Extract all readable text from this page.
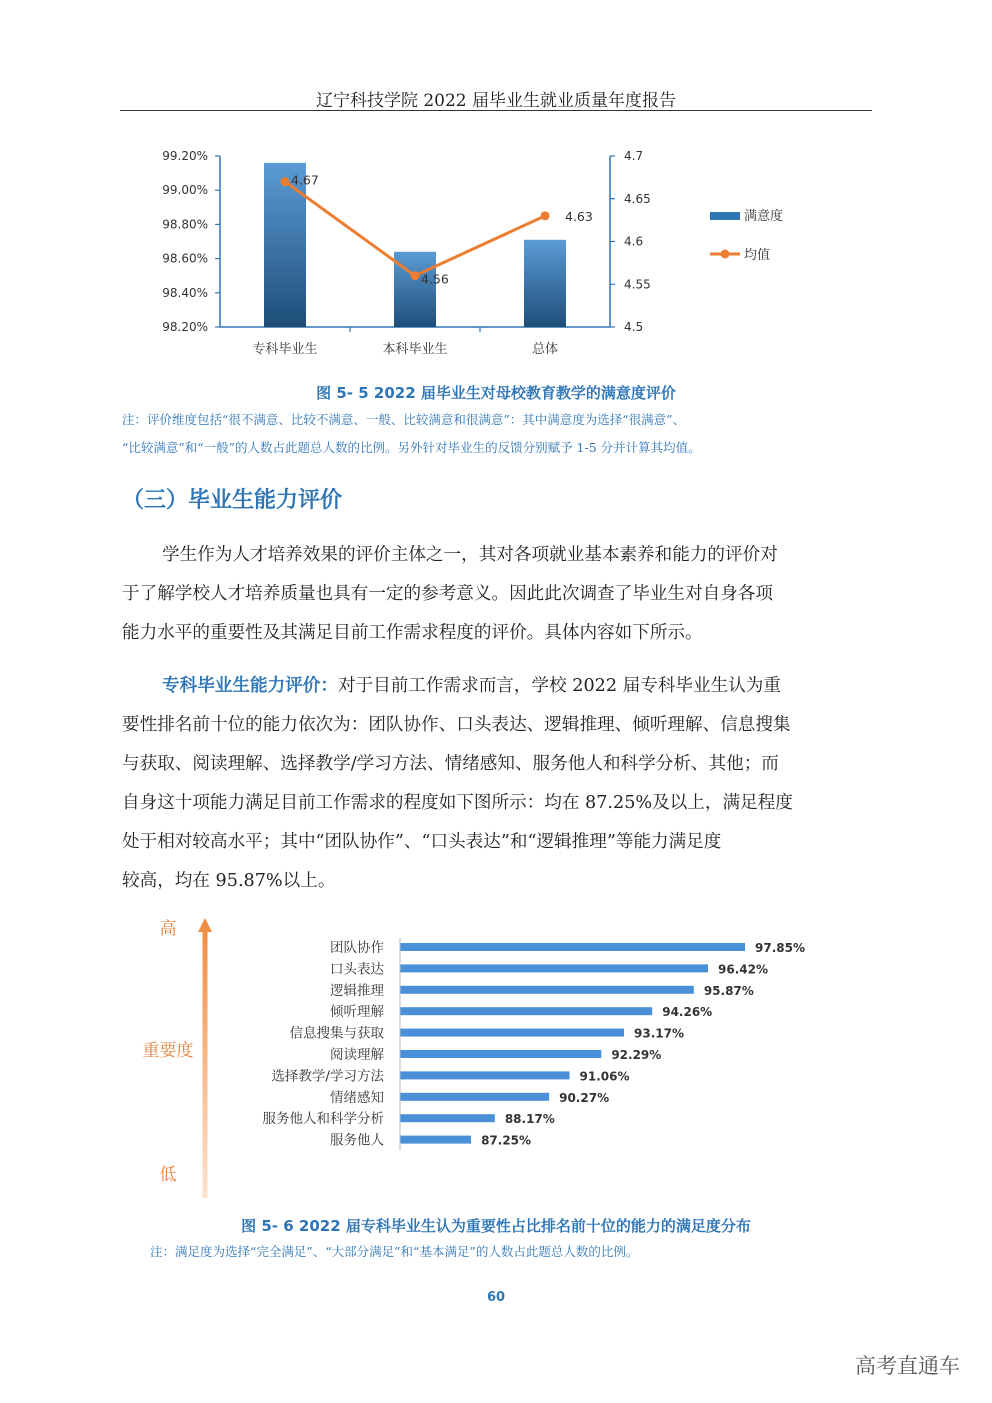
辽宁科技学院 2022 届毕业生就业质量年度报告
99.20%
99.00%
98.80%
98.60%
98.40%
98.20%
4.7
4.65
4.6
4.55
4.5
专科毕业生	本科毕业生	总体
4.67
4.56
4.63	满意度
均值
图 5- 5 2022 届毕业生对母校教育教学的满意度评价
注：评价维度包括“很不满意、比较不满意、一般、比较满意和很满意”：其中满意度为选择“很满意”、
“比较满意”和“一般”的人数占此题总人数的比例。另外针对毕业生的反馈分别赋予 1-5 分并计算其均值。
（三）毕业生能力评价
学生作为人才培养效果的评价主体之一，其对各项就业基本素养和能力的评价对
于了解学校人才培养质量也具有一定的参考意义。因此此次调查了毕业生对自身各项
能力水平的重要性及其满足目前工作需求程度的评价。具体内容如下所示。
专科毕业生能力评价：对于目前工作需求而言，学校 2022 届专科毕业生认为重
要性排名前十位的能力依次为：团队协作、口头表达、逻辑推理、倾听理解、信息搜集
与获取、阅读理解、选择教学/学习方法、情绪感知、服务他人和科学分析、其他；而
自身这十项能力满足目前工作需求的程度如下图所示：均在 87.25%及以上，满足程度
处于相对较高水平；其中“团队协作”、“口头表达”和“逻辑推理”等能力满足度
较高，均在 95.87%以上。
高
重要度
低
团队协作	97.85%
口头表达	96.42%
逻辑推理	95.87%
倾听理解	94.26%
信息搜集与获取	93.17%
阅读理解	92.29%
选择教学/学习方法	91.06%
情绪感知	90.27%
服务他人和科学分析	88.17%
服务他人	87.25%
图 5- 6 2022 届专科毕业生认为重要性占比排名前十位的能力的满足度分布
注：满足度为选择“完全满足”、“大部分满足”和“基本满足”的人数占此题总人数的比例。
60
高考直通车
